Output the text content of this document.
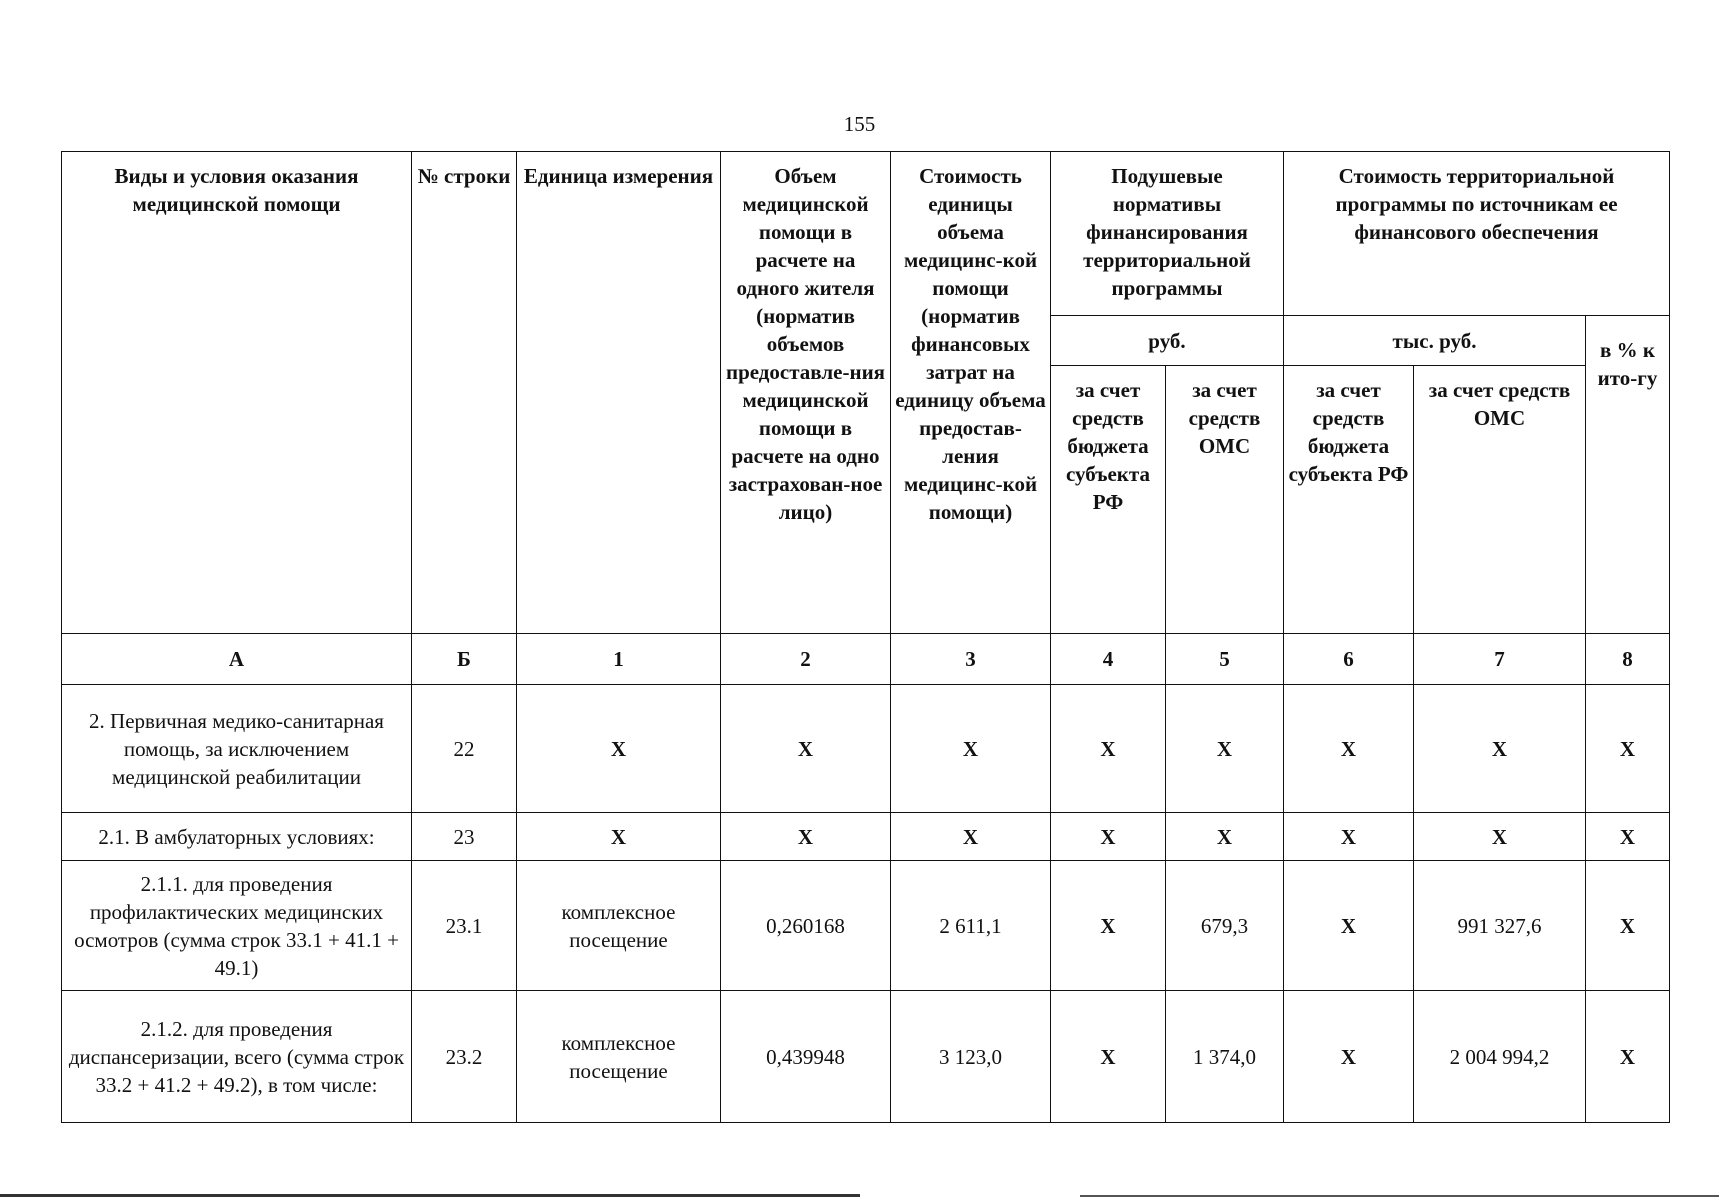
155
Виды и условия оказания медицинской помощи	№ строки	Единица измерения	Объем медицинской помощи в расчете на одного жителя (норматив объемов предоставле-ния медицинской помощи в расчете на одно застрахован-ное лицо)	Стоимость единицы объема медицинс-кой помощи (норматив финансовых затрат на единицу объема предостав-ления медицинс-кой помощи)	Подушевые нормативы финансирования территориальной программы		Стоимость территориальной программы по источникам ее финансового обеспечения		
					руб.		тыс. руб.		в % к ито-гу
					за счет средств бюджета субъекта РФ	за счет средств ОМС	за счет средств бюджета субъекта РФ	за счет средств ОМС	
А	Б	1	2	3	4	5	6	7	8
2. Первичная медико-санитарная помощь, за исключением медицинской реабилитации	22	Х	Х	Х	Х	Х	Х	Х	Х
2.1. В амбулаторных условиях:	23	Х	Х	Х	Х	Х	Х	Х	Х
2.1.1. для проведения профилактических медицинских осмотров (сумма строк 33.1 + 41.1 + 49.1)	23.1	комплексное посещение	0,260168	2 611,1	Х	679,3	Х	991 327,6	Х
2.1.2. для проведения диспансеризации, всего (сумма строк 33.2 + 41.2 + 49.2), в том числе:	23.2	комплексное посещение	0,439948	3 123,0	Х	1 374,0	Х	2 004 994,2	Х
